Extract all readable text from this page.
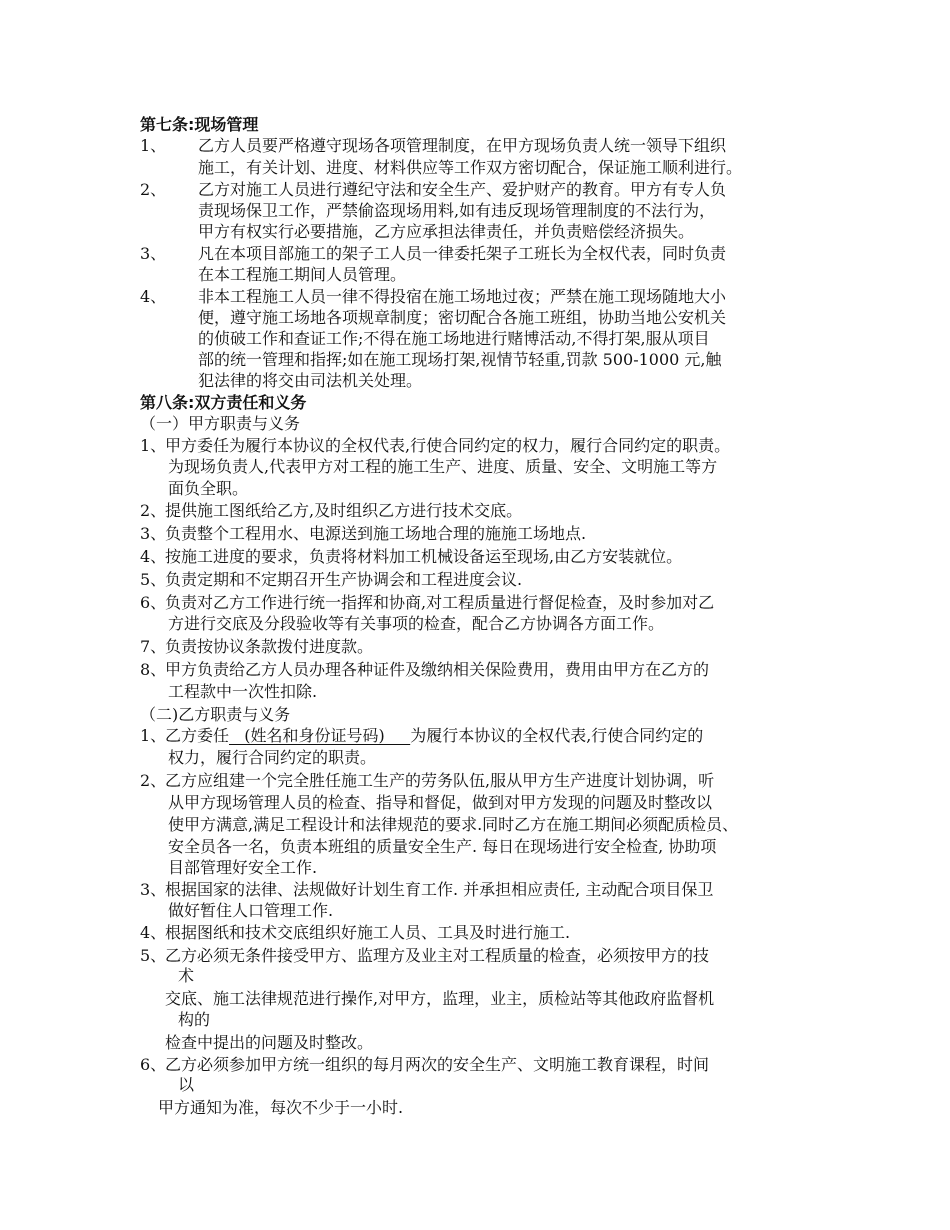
第七条:现场管理
1、 乙方人员要严格遵守现场各项管理制度，在甲方现场负责人统一领导下组织
施工，有关计划、进度、材料供应等工作双方密切配合，保证施工顺利进行。
2、 乙方对施工人员进行遵纪守法和安全生产、爱护财产的教育。甲方有专人负
责现场保卫工作，严禁偷盗现场用料,如有违反现场管理制度的不法行为，
甲方有权实行必要措施，乙方应承担法律责任，并负责赔偿经济损失。
3、 凡在本项目部施工的架子工人员一律委托架子工班长为全权代表，同时负责
在本工程施工期间人员管理。
4、 非本工程施工人员一律不得投宿在施工场地过夜；严禁在施工现场随地大小
便，遵守施工场地各项规章制度；密切配合各施工班组，协助当地公安机关
的侦破工作和查证工作;不得在施工场地进行赌博活动,不得打架,服从项目
部的统一管理和指挥;如在施工现场打架,视情节轻重,罚款 500-1000 元,触
犯法律的将交由司法机关处理。
第八条:双方责任和义务
（一）甲方职责与义务
1、
甲方委任为履行本协议的全权代表,行使合同约定的权力，履行合同约定的职责。
为现场负责人,代表甲方对工程的施工生产、进度、质量、安全、文明施工等方
面负全职。
2、
提供施工图纸给乙方,及时组织乙方进行技术交底。
3、
负责整个工程用水、电源送到施工场地合理的施施工场地点.
4、
按施工进度的要求，负责将材料加工机械设备运至现场,由乙方安装就位。
5、
负责定期和不定期召开生产协调会和工程进度会议.
6、
负责对乙方工作进行统一指挥和协商,对工程质量进行督促检查，及时参加对乙
方进行交底及分段验收等有关事项的检查，配合乙方协调各方面工作。
7、
负责按协议条款拨付进度款。
8、
甲方负责给乙方人员办理各种证件及缴纳相关保险费用，费用由甲方在乙方的
工程款中一次性扣除.
（二)乙方职责与义务
1、
乙方委任   (姓名和身份证号码)     为履行本协议的全权代表,行使合同约定的
权力，履行合同约定的职责。
2、
乙方应组建一个完全胜任施工生产的劳务队伍,服从甲方生产进度计划协调，听
从甲方现场管理人员的检查、指导和督促，做到对甲方发现的问题及时整改以
使甲方满意,满足工程设计和法律规范的要求.同时乙方在施工期间必须配质检员、
安全员各一名，负责本班组的质量安全生产. 每日在现场进行安全检查, 协助项
目部管理好安全工作.
3、
根据国家的法律、法规做好计划生育工作. 并承担相应责任, 主动配合项目保卫
做好暂住人口管理工作.
4、
根据图纸和技术交底组织好施工人员、工具及时进行施工.
5、
乙方必须无条件接受甲方、监理方及业主对工程质量的检查，必须按甲方的技
术
交底、施工法律规范进行操作,对甲方，监理，业主，质检站等其他政府监督机
构的
检查中提出的问题及时整改。
6、
乙方必须参加甲方统一组织的每月两次的安全生产、文明施工教育课程，时间
以
甲方通知为准，每次不少于一小时.
